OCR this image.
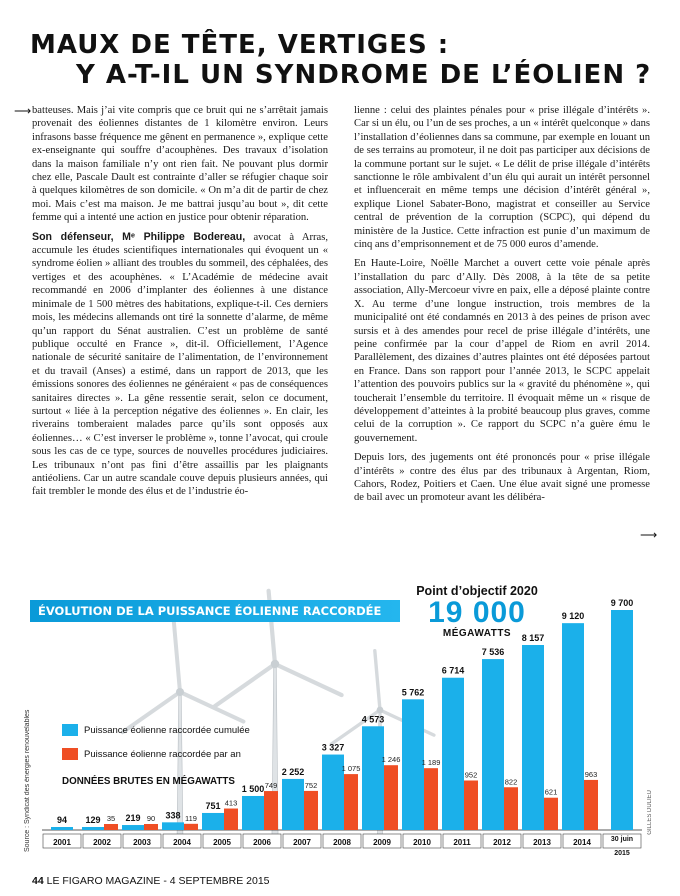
MAUX DE TÊTE, VERTIGES :
Y A-T-IL UN SYNDROME DE L’ÉOLIEN ?
⟶ batteuses. Mais j’ai vite compris que ce bruit qui ne s’arrêtait jamais provenait des éoliennes distantes de 1 kilomètre environ. Leurs infrasons basse fréquence me gênent en permanence », explique cette ex-enseignante qui souffre d’acouphènes. Des travaux d’isolation dans la maison familiale n’y ont rien fait. Ne pouvant plus dormir chez elle, Pascale Dault est contrainte d’aller se réfugier chaque soir à quelques kilomètres de son domicile. « On m’a dit de partir de chez moi. Mais c’est ma maison. Je me battrai jusqu’au bout », dit cette femme qui a intenté une action en justice pour obtenir réparation.

Son défenseur, Mᵉ Philippe Bodereau, avocat à Arras, accumule les études scientifiques internationales qui évoquent un « syndrome éolien » alliant des troubles du sommeil, des céphalées, des vertiges et des acouphènes. « L’Académie de médecine avait recommandé en 2006 d’implanter des éoliennes à une distance minimale de 1 500 mètres des habitations, explique-t-il. Ces derniers mois, les médecins allemands ont tiré la sonnette d’alarme, de même qu’un rapport du Sénat australien. C’est un problème de santé publique occulté en France », dit-il. Officiellement, l’Agence nationale de sécurité sanitaire de l’alimentation, de l’environnement et du travail (Anses) a estimé, dans un rapport de 2013, que les émissions sonores des éoliennes ne généraient « pas de conséquences sanitaires directes ». La gêne ressentie serait, selon ce document, surtout « liée à la perception négative des éoliennes ». En clair, les riverains tomberaient malades parce qu’ils sont opposés aux éoliennes… « C’est inverser le problème », tonne l’avocat, qui croule sous les cas de ce type, sources de nouvelles procédures judiciaires. Les tribunaux n’ont pas fini d’être assaillis par les plaignants antiéoliens. Car un autre scandale couve depuis plusieurs années, qui fait trembler le monde des élus et de l’industrie éo-

lienne : celui des plaintes pénales pour « prise illégale d’intérêts ». Car si un élu, ou l’un de ses proches, a un « intérêt quelconque » dans l’installation d’éoliennes dans sa commune, par exemple en louant un de ses terrains au promoteur, il ne doit pas participer aux décisions de la commune portant sur le sujet. « Le délit de prise illégale d’intérêts sanctionne le rôle ambivalent d’un élu qui aurait un intérêt personnel et influencerait en même temps une décision d’intérêt général », explique Lionel Sabater-Bono, magistrat et conseiller au Service central de prévention de la corruption (SCPC), qui dépend du ministère de la Justice. Cette infraction est punie d’un maximum de cinq ans d’emprisonnement et de 75 000 euros d’amende.

En Haute-Loire, Noëlle Marchet a ouvert cette voie pénale après l’installation du parc d’Ally. Dès 2008, à la tête de sa petite association, Ally-Mercoeur vivre en paix, elle a déposé plainte contre X. Au terme d’une longue instruction, trois membres de la municipalité ont été condamnés en 2013 à des peines de prison avec sursis et à des amendes pour recel de prise illégale d’intérêts, une peine confirmée par la cour d’appel de Riom en avril 2014. Parallèlement, des dizaines d’autres plaintes ont été déposées partout en France. Dans son rapport pour l’année 2013, le SCPC appelait l’attention des pouvoirs publics sur la « gravité du phénomène », qui toucherait l’ensemble du territoire. Il évoquait même un « risque de développement d’atteintes à la probité beaucoup plus graves, comme celui de la corruption ». Ce rapport du SCPC n’a guère ému le gouvernement.

Depuis lors, des jugements ont été prononcés pour « prise illégale d’intérêts » contre des élus par des tribunaux à Argentan, Riom, Cahors, Rodez, Poitiers et Caen. Une élue avait signé une promesse de bail avec un promoteur avant les délibéra-

⟶
94
2001
129 35
2002
219 90
2003
338 119
2004
751 413
2005
1 500 749
2006
2 252
752
2007
3 327
1 075
2008
4 573
1 246
2009
5 762
1 189
2010
6 714
952
2011
7 536
822
2012
8 157
621
2013
9 120
963
2014
9 700
30 juin
2015
ÉVOLUTION DE LA PUISSANCE ÉOLIENNE RACCORDÉE
Point d’objectif 2020
19 000
MÉGAWATTS
Puissance éolienne raccordée cumulée
Puissance éolienne raccordée par an
DONNÉES BRUTES EN MÉGAWATTS
Source : Syndicat des énergies renouvelables	GILLES DULIEU
44 LE FIGARO MAGAZINE - 4 SEPTEMBRE 2015
